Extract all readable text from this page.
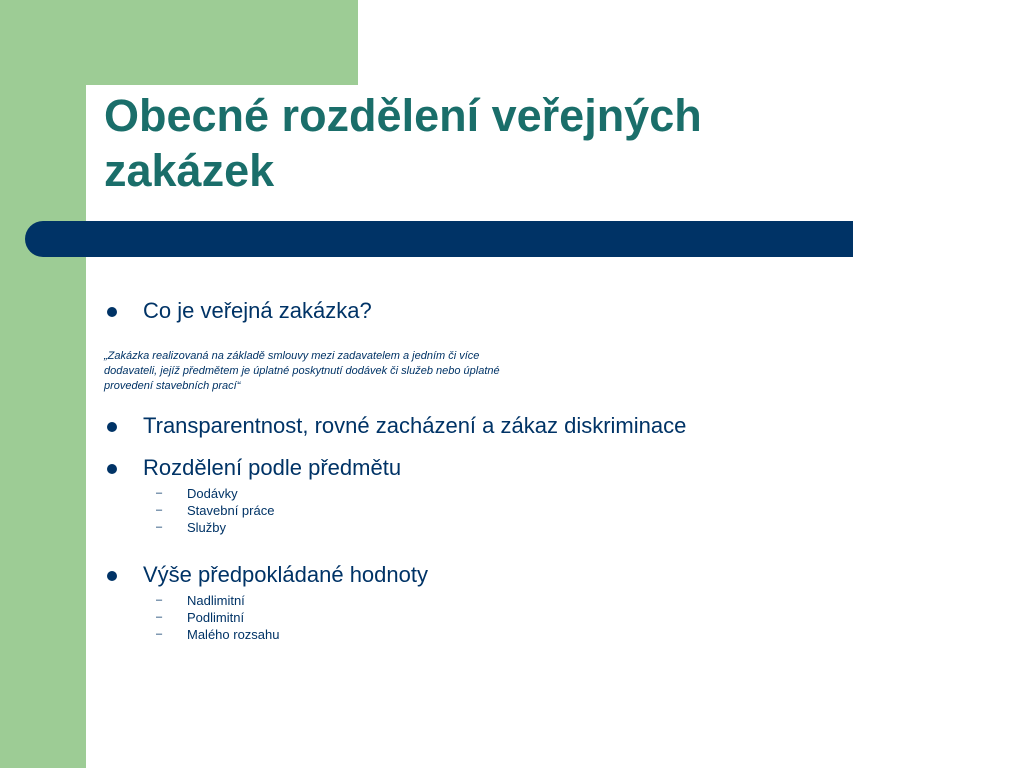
Obecné rozdělení veřejných zakázek
Co je veřejná zakázka?
„Zakázka realizovaná na základě smlouvy mezi zadavatelem a jedním či více
dodavateli, jejíž předmětem je úplatné poskytnutí dodávek či služeb nebo úplatné
provedení stavebních prací“
Transparentnost, rovné zacházení a zákaz diskriminace
Rozdělení podle předmětu
– Dodávky
– Stavební práce
– Služby
Výše předpokládané hodnoty
– Nadlimitní
– Podlimitní
– Malého rozsahu
